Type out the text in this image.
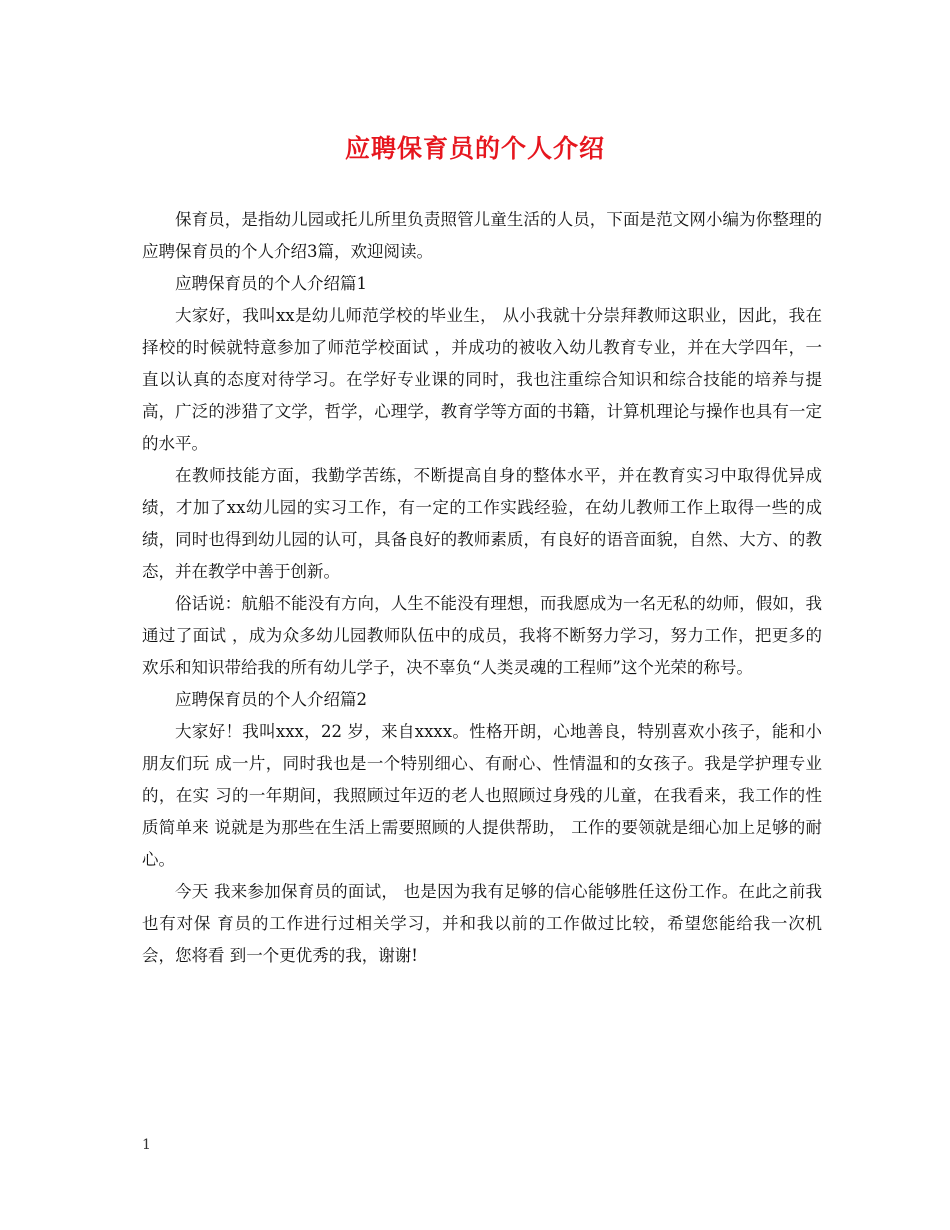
应聘保育员的个人介绍

保育员，是指幼儿园或托儿所里负责照管儿童生活的人员，下面是范文网小编为你整理的应聘保育员的个人介绍3篇，欢迎阅读。

应聘保育员的个人介绍篇1

大家好，我叫xx是幼儿师范学校的毕业生， 从小我就十分崇拜教师这职业，因此，我在择校的时候就特意参加了师范学校面试 ，并成功的被收入幼儿教育专业，并在大学四年，一直以认真的态度对待学习。在学好专业课的同时，我也注重综合知识和综合技能的培养与提高，广泛的涉猎了文学，哲学，心理学，教育学等方面的书籍，计算机理论与操作也具有一定的水平。

在教师技能方面，我勤学苦练，不断提高自身的整体水平，并在教育实习中取得优异成绩，才加了xx幼儿园的实习工作，有一定的工作实践经验，在幼儿教师工作上取得一些的成绩，同时也得到幼儿园的认可，具备良好的教师素质，有良好的语音面貌，自然、大方、的教态，并在教学中善于创新。

俗话说：航船不能没有方向，人生不能没有理想，而我愿成为一名无私的幼师，假如，我通过了面试 ，成为众多幼儿园教师队伍中的成员，我将不断努力学习，努力工作，把更多的欢乐和知识带给我的所有幼儿学子，决不辜负“人类灵魂的工程师”这个光荣的称号。

应聘保育员的个人介绍篇2

大家好！我叫xxx，22 岁，来自xxxx。性格开朗，心地善良，特别喜欢小孩子，能和小朋友们玩 成一片，同时我也是一个特别细心、有耐心、性情温和的女孩子。我是学护理专业的，在实 习的一年期间，我照顾过年迈的老人也照顾过身残的儿童，在我看来，我工作的性质简单来 说就是为那些在生活上需要照顾的人提供帮助， 工作的要领就是细心加上足够的耐心。

今天 我来参加保育员的面试， 也是因为我有足够的信心能够胜任这份工作。在此之前我也有对保 育员的工作进行过相关学习，并和我以前的工作做过比较，希望您能给我一次机会，您将看 到一个更优秀的我，谢谢!

1
